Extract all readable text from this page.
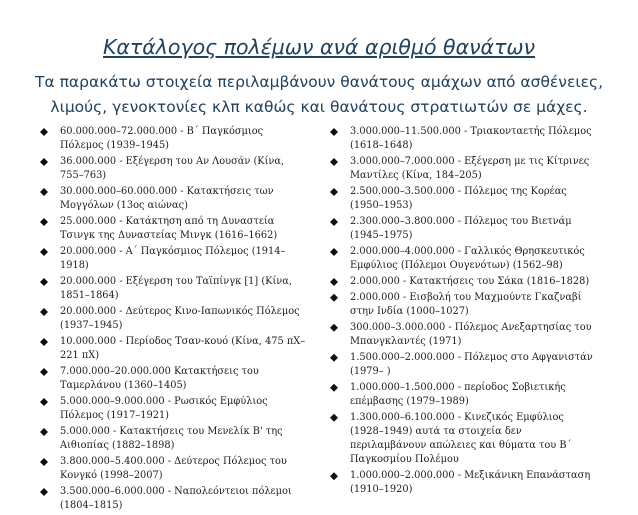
Κατάλογος πολέμων ανά αριθμό θανάτων
Τα παρακάτω στοιχεία περιλαμβάνουν θανάτους αμάχων από ασθένειες, λιμούς, γενοκτονίες κλπ καθώς και θανάτους στρατιωτών σε μάχες.
60.000.000–72.000.000 - Β΄ Παγκόσμιος Πόλεμος (1939–1945)
36.000.000 - Εξέγερση του Αν Λουσάν (Κίνα, 755–763)
30.000.000–60.000.000 - Κατακτήσεις των Μογγόλων (13ος αιώνας)
25.000.000 - Κατάκτηση από τη Δυναστεία Τσινγκ της Δυναστείας Μινγκ (1616–1662)
20.000.000 - Α΄ Παγκόσμιος Πόλεμος (1914–1918)
20.000.000 - Εξέγερση του Ταϊπίνγκ [1] (Κίνα, 1851–1864)
20.000.000 - Δεύτερος Κινο-Ιαπωνικός Πόλεμος (1937–1945)
10.000.000 - Περίοδος Τσαν-κουό (Κίνα, 475 πΧ–221 πΧ)
7.000.000–20.000.000 Κατακτήσεις του Ταμερλάνου (1360–1405)
5.000.000–9.000.000 - Ρωσικός Εμφύλιος Πόλεμος (1917–1921)
5.000.000 - Κατακτήσεις του Μενελίκ Β' της Αιθιοπίας (1882–1898)
3.800.000–5.400.000 - Δεύτερος Πόλεμος του Κονγκό (1998–2007)
3.500.000–6.000.000 - Ναπολεόντειοι πόλεμοι (1804–1815)
3.000.000–11.500.000 - Τριακονταετής Πόλεμος (1618–1648)
3.000.000–7.000.000 - Εξέγερση με τις Κίτρινες Μαντίλες (Κίνα, 184–205)
2.500.000–3.500.000 - Πόλεμος της Κορέας (1950–1953)
2.300.000–3.800.000 - Πόλεμος του Βιετνάμ (1945–1975)
2.000.000–4.000.000 - Γαλλικός Θρησκευτικός Εμφύλιος (Πόλεμοι Ουγενότων) (1562–98)
2.000.000 - Κατακτήσεις του Σάκα (1816–1828)
2.000.000 - Εισβολή του Μαχμούντε Γκαζναβί στην Ινδία (1000–1027)
300.000–3.000.000 - Πόλεμος Ανεξαρτησίας του Μπανγκλαντές (1971)
1.500.000–2.000.000 - Πόλεμος στο Αφγανιστάν (1979– )
1.000.000–1.500.000 - περίοδος Σοβιετικής επέμβασης (1979–1989)
1.300.000–6.100.000 - Κινεζικός Εμφύλιος (1928–1949) αυτά τα στοιχεία δεν περιλαμβάνουν απώλειες και θύματα του Β΄ Παγκοσμίου Πολέμου
1.000.000–2.000.000 - Μεξικάνικη Επανάσταση (1910–1920)
